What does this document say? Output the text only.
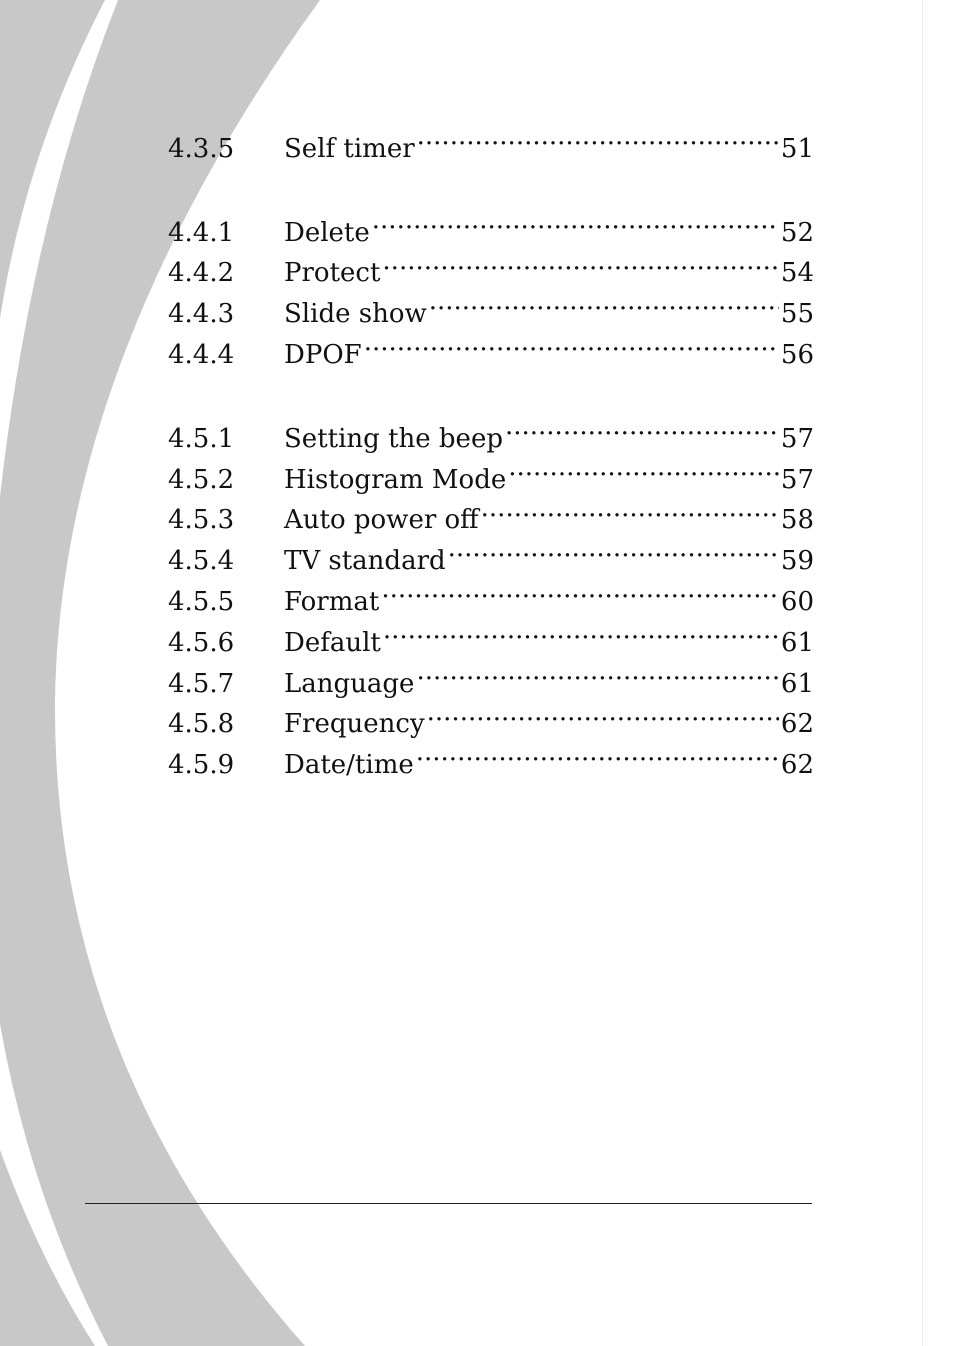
4.3.5	Self timer .....	51
4.4.1	Delete .....	52
4.4.2	Protect .....	54
4.4.3	Slide show .....	55
4.4.4	DPOF .....	56
4.5.1	Setting the beep .....	57
4.5.2	Histogram Mode .....	57
4.5.3	Auto power off .....	58
4.5.4	TV standard .....	59
4.5.5	Format .....	60
4.5.6	Default .....	61
4.5.7	Language .....	61
4.5.8	Frequency .....	62
4.5.9	Date/time .....	62
